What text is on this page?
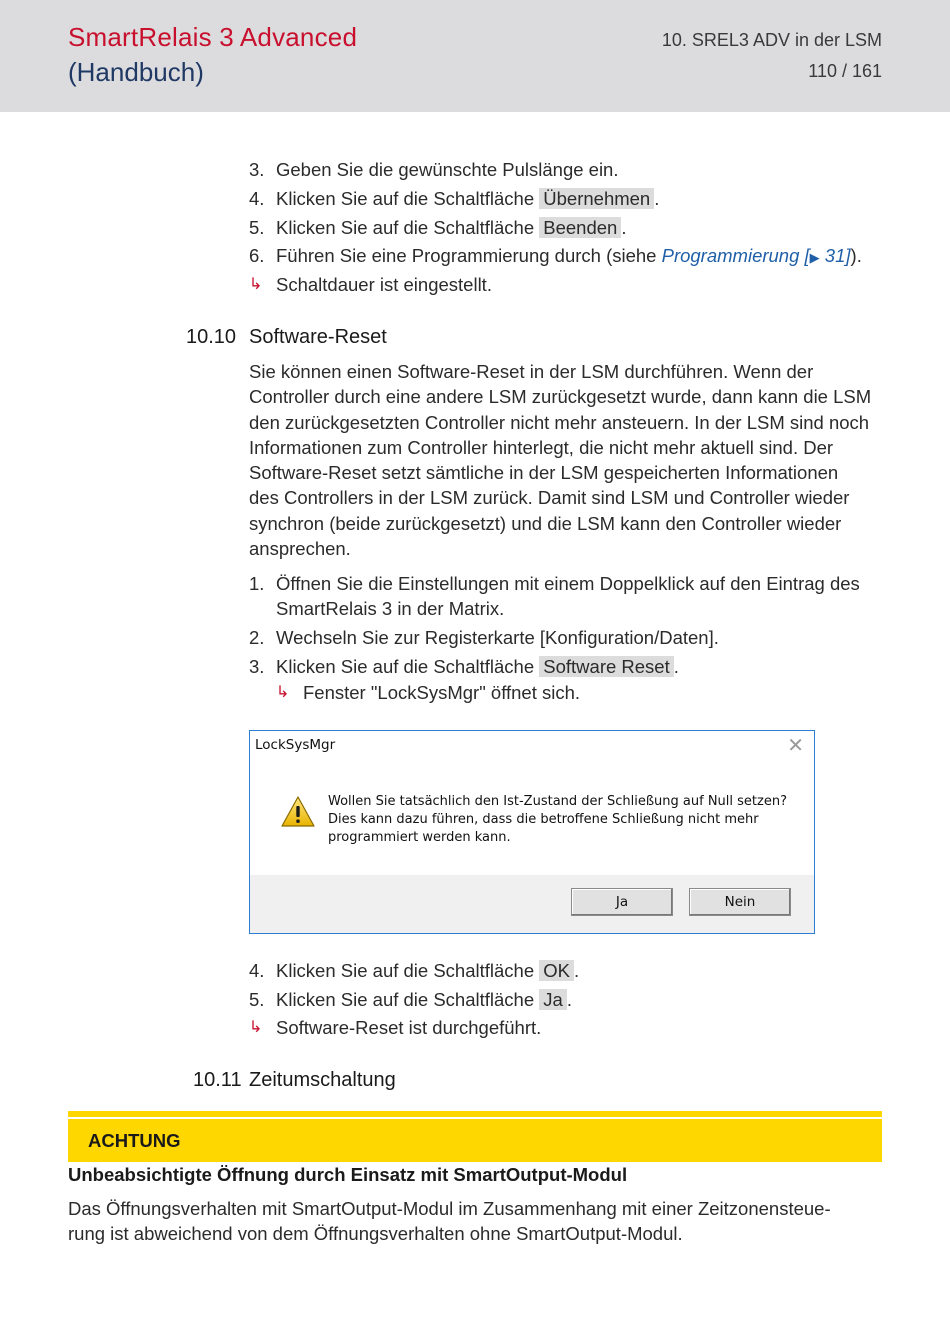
SmartRelais 3 Advanced
(Handbuch)
10. SREL3 ADV in der LSM
110 / 161
3. Geben Sie die gewünschte Pulslänge ein.
4. Klicken Sie auf die Schaltfläche Übernehmen .
5. Klicken Sie auf die Schaltfläche Beenden .
6. Führen Sie eine Programmierung durch (siehe Programmierung [▶ 31]).
↳ Schaltdauer ist eingestellt.
10.10 Software-Reset
Sie können einen Software-Reset in der LSM durchführen. Wenn der
Controller durch eine andere LSM zurückgesetzt wurde, dann kann die LSM
den zurückgesetzten Controller nicht mehr ansteuern. In der LSM sind noch
Informationen zum Controller hinterlegt, die nicht mehr aktuell sind. Der
Software-Reset setzt sämtliche in der LSM gespeicherten Informationen
des Controllers in der LSM zurück. Damit sind LSM und Controller wieder
synchron (beide zurückgesetzt) und die LSM kann den Controller wieder
ansprechen.
1. Öffnen Sie die Einstellungen mit einem Doppelklick auf den Eintrag des
SmartRelais 3 in der Matrix.
2. Wechseln Sie zur Registerkarte [Konfiguration/Daten].
3. Klicken Sie auf die Schaltfläche Software Reset .
↳ Fenster "LockSysMgr" öffnet sich.
LockSysMgr	✕
Wollen Sie tatsächlich den Ist-Zustand der Schließung auf Null setzen?
Dies kann dazu führen, dass die betroffene Schließung nicht mehr
programmiert werden kann.
Ja	Nein
4. Klicken Sie auf die Schaltfläche OK .
5. Klicken Sie auf die Schaltfläche Ja .
↳ Software-Reset ist durchgeführt.
10.11 Zeitumschaltung
ACHTUNG
Unbeabsichtigte Öffnung durch Einsatz mit SmartOutput-Modul
Das Öffnungsverhalten mit SmartOutput-Modul im Zusammenhang mit einer Zeitzonensteue-
rung ist abweichend von dem Öffnungsverhalten ohne SmartOutput-Modul.
